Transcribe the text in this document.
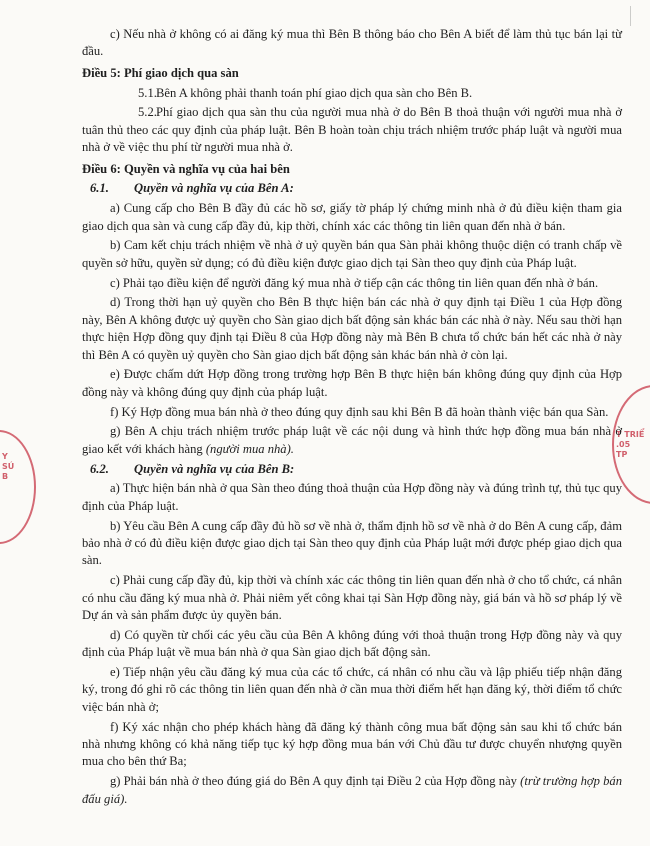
Y
SÚ
B
T TRIỂ
.05
TP

c) Nếu nhà ở không có ai đăng ký mua thì Bên B thông báo cho Bên A biết để làm thủ tục bán lại từ đầu.

Điều 5: Phí giao dịch qua sàn

5.1.Bên A không phải thanh toán phí giao dịch qua sàn cho Bên B.

5.2.Phí giao dịch qua sàn thu của người mua nhà ở do Bên B thoả thuận với người mua nhà ở tuân thủ theo các quy định của pháp luật. Bên B hoàn toàn chịu trách nhiệm trước pháp luật và người mua nhà ở về việc thu phí từ người mua nhà ở.

Điều 6: Quyền và nghĩa vụ của hai bên

6.1. Quyền và nghĩa vụ của Bên A:

a) Cung cấp cho Bên B đầy đủ các hồ sơ, giấy tờ pháp lý chứng minh nhà ở đủ điều kiện tham gia giao dịch qua sàn và cung cấp đầy đủ, kịp thời, chính xác các thông tin liên quan đến nhà ở bán.

b) Cam kết chịu trách nhiệm về nhà ở uỷ quyền bán qua Sàn phải không thuộc diện có tranh chấp về quyền sở hữu, quyền sử dụng; có đủ điều kiện được giao dịch tại Sàn theo quy định của Pháp luật.

c) Phải tạo điều kiện để người đăng ký mua nhà ở tiếp cận các thông tin liên quan đến nhà ở bán.

d) Trong thời hạn uỷ quyền cho Bên B thực hiện bán các nhà ở quy định tại Điều 1 của Hợp đồng này, Bên A không được uỷ quyền cho Sàn giao dịch bất động sản khác bán các nhà ở này. Nếu sau thời hạn thực hiện Hợp đồng quy định tại Điều 8 của Hợp đồng này mà Bên B chưa tổ chức bán hết các nhà ở này thì Bên A có quyền uỷ quyền cho Sàn giao dịch bất động sản khác bán nhà ở còn lại.

e) Được chấm dứt Hợp đồng trong trường hợp Bên B thực hiện bán không đúng quy định của Hợp đồng này và không đúng quy định của pháp luật.

f) Ký Hợp đồng mua bán nhà ở theo đúng quy định sau khi Bên B đã hoàn thành việc bán qua Sàn.

g) Bên A chịu trách nhiệm trước pháp luật về các nội dung và hình thức hợp đồng mua bán nhà ở giao kết với khách hàng (người mua nhà).

6.2. Quyền và nghĩa vụ của Bên B:

a) Thực hiện bán nhà ở qua Sàn theo đúng thoả thuận của Hợp đồng này và đúng trình tự, thủ tục quy định của Pháp luật.

b) Yêu cầu Bên A cung cấp đầy đủ hồ sơ về nhà ở, thẩm định hồ sơ về nhà ở do Bên A cung cấp, đảm bảo nhà ở có đủ điều kiện được giao dịch tại Sàn theo quy định của Pháp luật mới được phép giao dịch qua sàn.

c) Phải cung cấp đầy đủ, kịp thời và chính xác các thông tin liên quan đến nhà ở cho tổ chức, cá nhân có nhu cầu đăng ký mua nhà ở. Phải niêm yết công khai tại Sàn Hợp đồng này, giá bán và hồ sơ pháp lý về Dự án và sản phẩm được ủy quyền bán.

d) Có quyền từ chối các yêu cầu của Bên A không đúng với thoả thuận trong Hợp đồng này và quy định của Pháp luật về mua bán nhà ở qua Sàn giao dịch bất động sản.

e) Tiếp nhận yêu cầu đăng ký mua của các tổ chức, cá nhân có nhu cầu và lập phiếu tiếp nhận đăng ký, trong đó ghi rõ các thông tin liên quan đến nhà ở cần mua thời điểm hết hạn đăng ký, thời điểm tổ chức việc bán nhà ở;

f) Ký xác nhận cho phép khách hàng đã đăng ký thành công mua bất động sản sau khi tổ chức bán nhà nhưng không có khả năng tiếp tục ký hợp đồng mua bán với Chủ đầu tư được chuyển nhượng quyền mua cho bên thứ Ba;

g) Phải bán nhà ở theo đúng giá do Bên A quy định tại Điều 2 của Hợp đồng này (trừ trường hợp bán đấu giá).
